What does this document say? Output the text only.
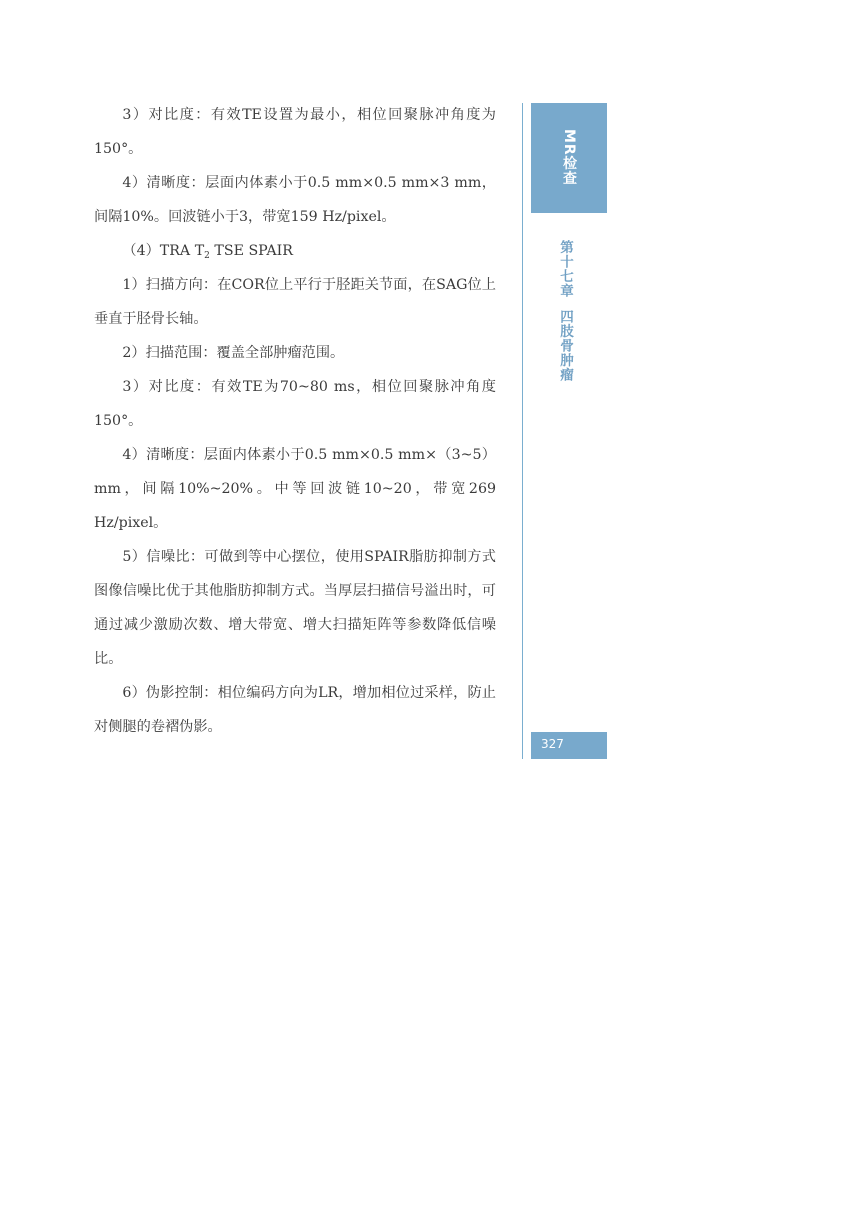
3）对比度：有效TE设置为最小，相位回聚脉冲角度为150°。

4）清晰度：层面内体素小于0.5 mm×0.5 mm×3 mm，间隔10%。回波链小于3，带宽159 Hz/pixel。

（4）TRA $T_2$ TSE SPAIR

1）扫描方向：在COR位上平行于胫距关节面，在SAG位上垂直于胫骨长轴。

2）扫描范围：覆盖全部肿瘤范围。

3）对比度：有效TE为70~80 ms，相位回聚脉冲角度150°。

4）清晰度：层面内体素小于0.5 mm×0.5 mm×（3~5）mm，间隔10%~20%。中等回波链10~20，带宽269 Hz/pixel。

5）信噪比：可做到等中心摆位，使用SPAIR脂肪抑制方式图像信噪比优于其他脂肪抑制方式。当厚层扫描信号溢出时，可通过减少激励次数、增大带宽、增大扫描矩阵等参数降低信噪比。

6）伪影控制：相位编码方向为LR，增加相位过采样，防止对侧腿的卷褶伪影。

MR检查
第十七章  四肢骨肿瘤
327
